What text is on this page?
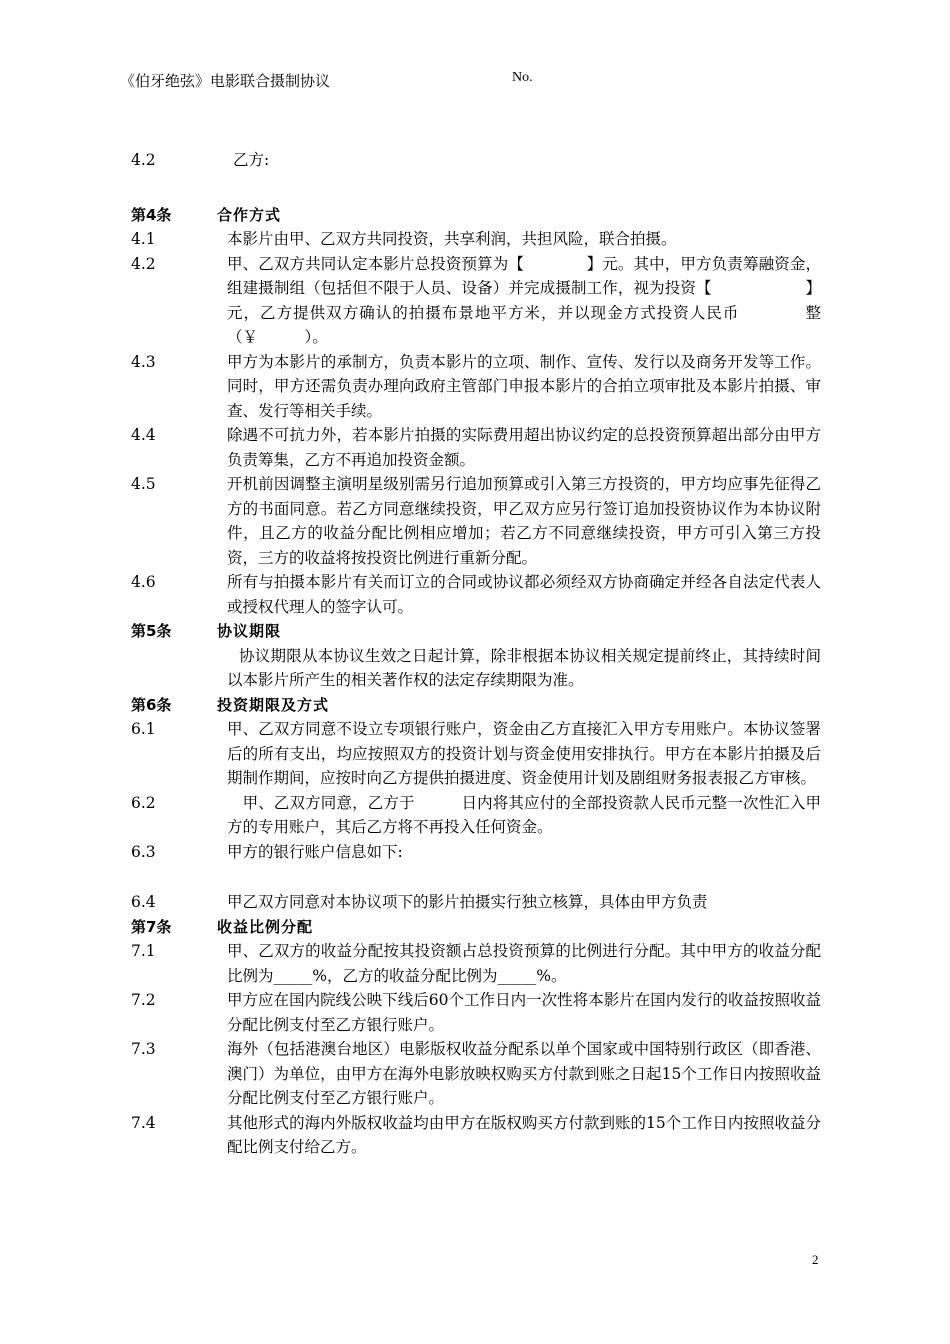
《伯牙绝弦》电影联合摄制协议	No.
4.2	乙方:
第4条	合作方式
4.1	本影片由甲、乙双方共同投资，共享利润，共担风险，联合拍摄。
4.2	甲、乙双方共同认定本影片总投资预算为【　　　　】元。其中，甲方负责筹融资金，组建摄制组（包括但不限于人员、设备）并完成摄制工作，视为投资【　　　　　　】元，乙方提供双方确认的拍摄布景地平方米，并以现金方式投资人民币　　　　整（￥　　　）。
4.3	甲方为本影片的承制方，负责本影片的立项、制作、宣传、发行以及商务开发等工作。同时，甲方还需负责办理向政府主管部门申报本影片的合拍立项审批及本影片拍摄、审查、发行等相关手续。
4.4	除遇不可抗力外，若本影片拍摄的实际费用超出协议约定的总投资预算超出部分由甲方负责筹集，乙方不再追加投资金额。
4.5	开机前因调整主演明星级别需另行追加预算或引入第三方投资的，甲方均应事先征得乙方的书面同意。若乙方同意继续投资，甲乙双方应另行签订追加投资协议作为本协议附件，且乙方的收益分配比例相应增加；若乙方不同意继续投资，甲方可引入第三方投资，三方的收益将按投资比例进行重新分配。
4.6	所有与拍摄本影片有关而订立的合同或协议都必须经双方协商确定并经各自法定代表人或授权代理人的签字认可。
第5条	协议期限
协议期限从本协议生效之日起计算，除非根据本协议相关规定提前终止，其持续时间以本影片所产生的相关著作权的法定存续期限为准。
第6条	投资期限及方式
6.1	甲、乙双方同意不设立专项银行账户，资金由乙方直接汇入甲方专用账户。本协议签署后的所有支出，均应按照双方的投资计划与资金使用安排执行。甲方在本影片拍摄及后期制作期间，应按时向乙方提供拍摄进度、资金使用计划及剧组财务报表报乙方审核。
6.2	　甲、乙双方同意，乙方于　　　日内将其应付的全部投资款人民币元整一次性汇入甲方的专用账户，其后乙方将不再投入任何资金。
6.3	甲方的银行账户信息如下:
6.4	甲乙双方同意对本协议项下的影片拍摄实行独立核算，具体由甲方负责
第7条	收益比例分配
7.1	甲、乙双方的收益分配按其投资额占总投资预算的比例进行分配。其中甲方的收益分配比例为_____%，乙方的收益分配比例为_____%。
7.2	甲方应在国内院线公映下线后60个工作日内一次性将本影片在国内发行的收益按照收益分配比例支付至乙方银行账户。
7.3	海外（包括港澳台地区）电影版权收益分配系以单个国家或中国特别行政区（即香港、澳门）为单位，由甲方在海外电影放映权购买方付款到账之日起15个工作日内按照收益分配比例支付至乙方银行账户。
7.4	其他形式的海内外版权收益均由甲方在版权购买方付款到账的15个工作日内按照收益分配比例支付给乙方。
2
